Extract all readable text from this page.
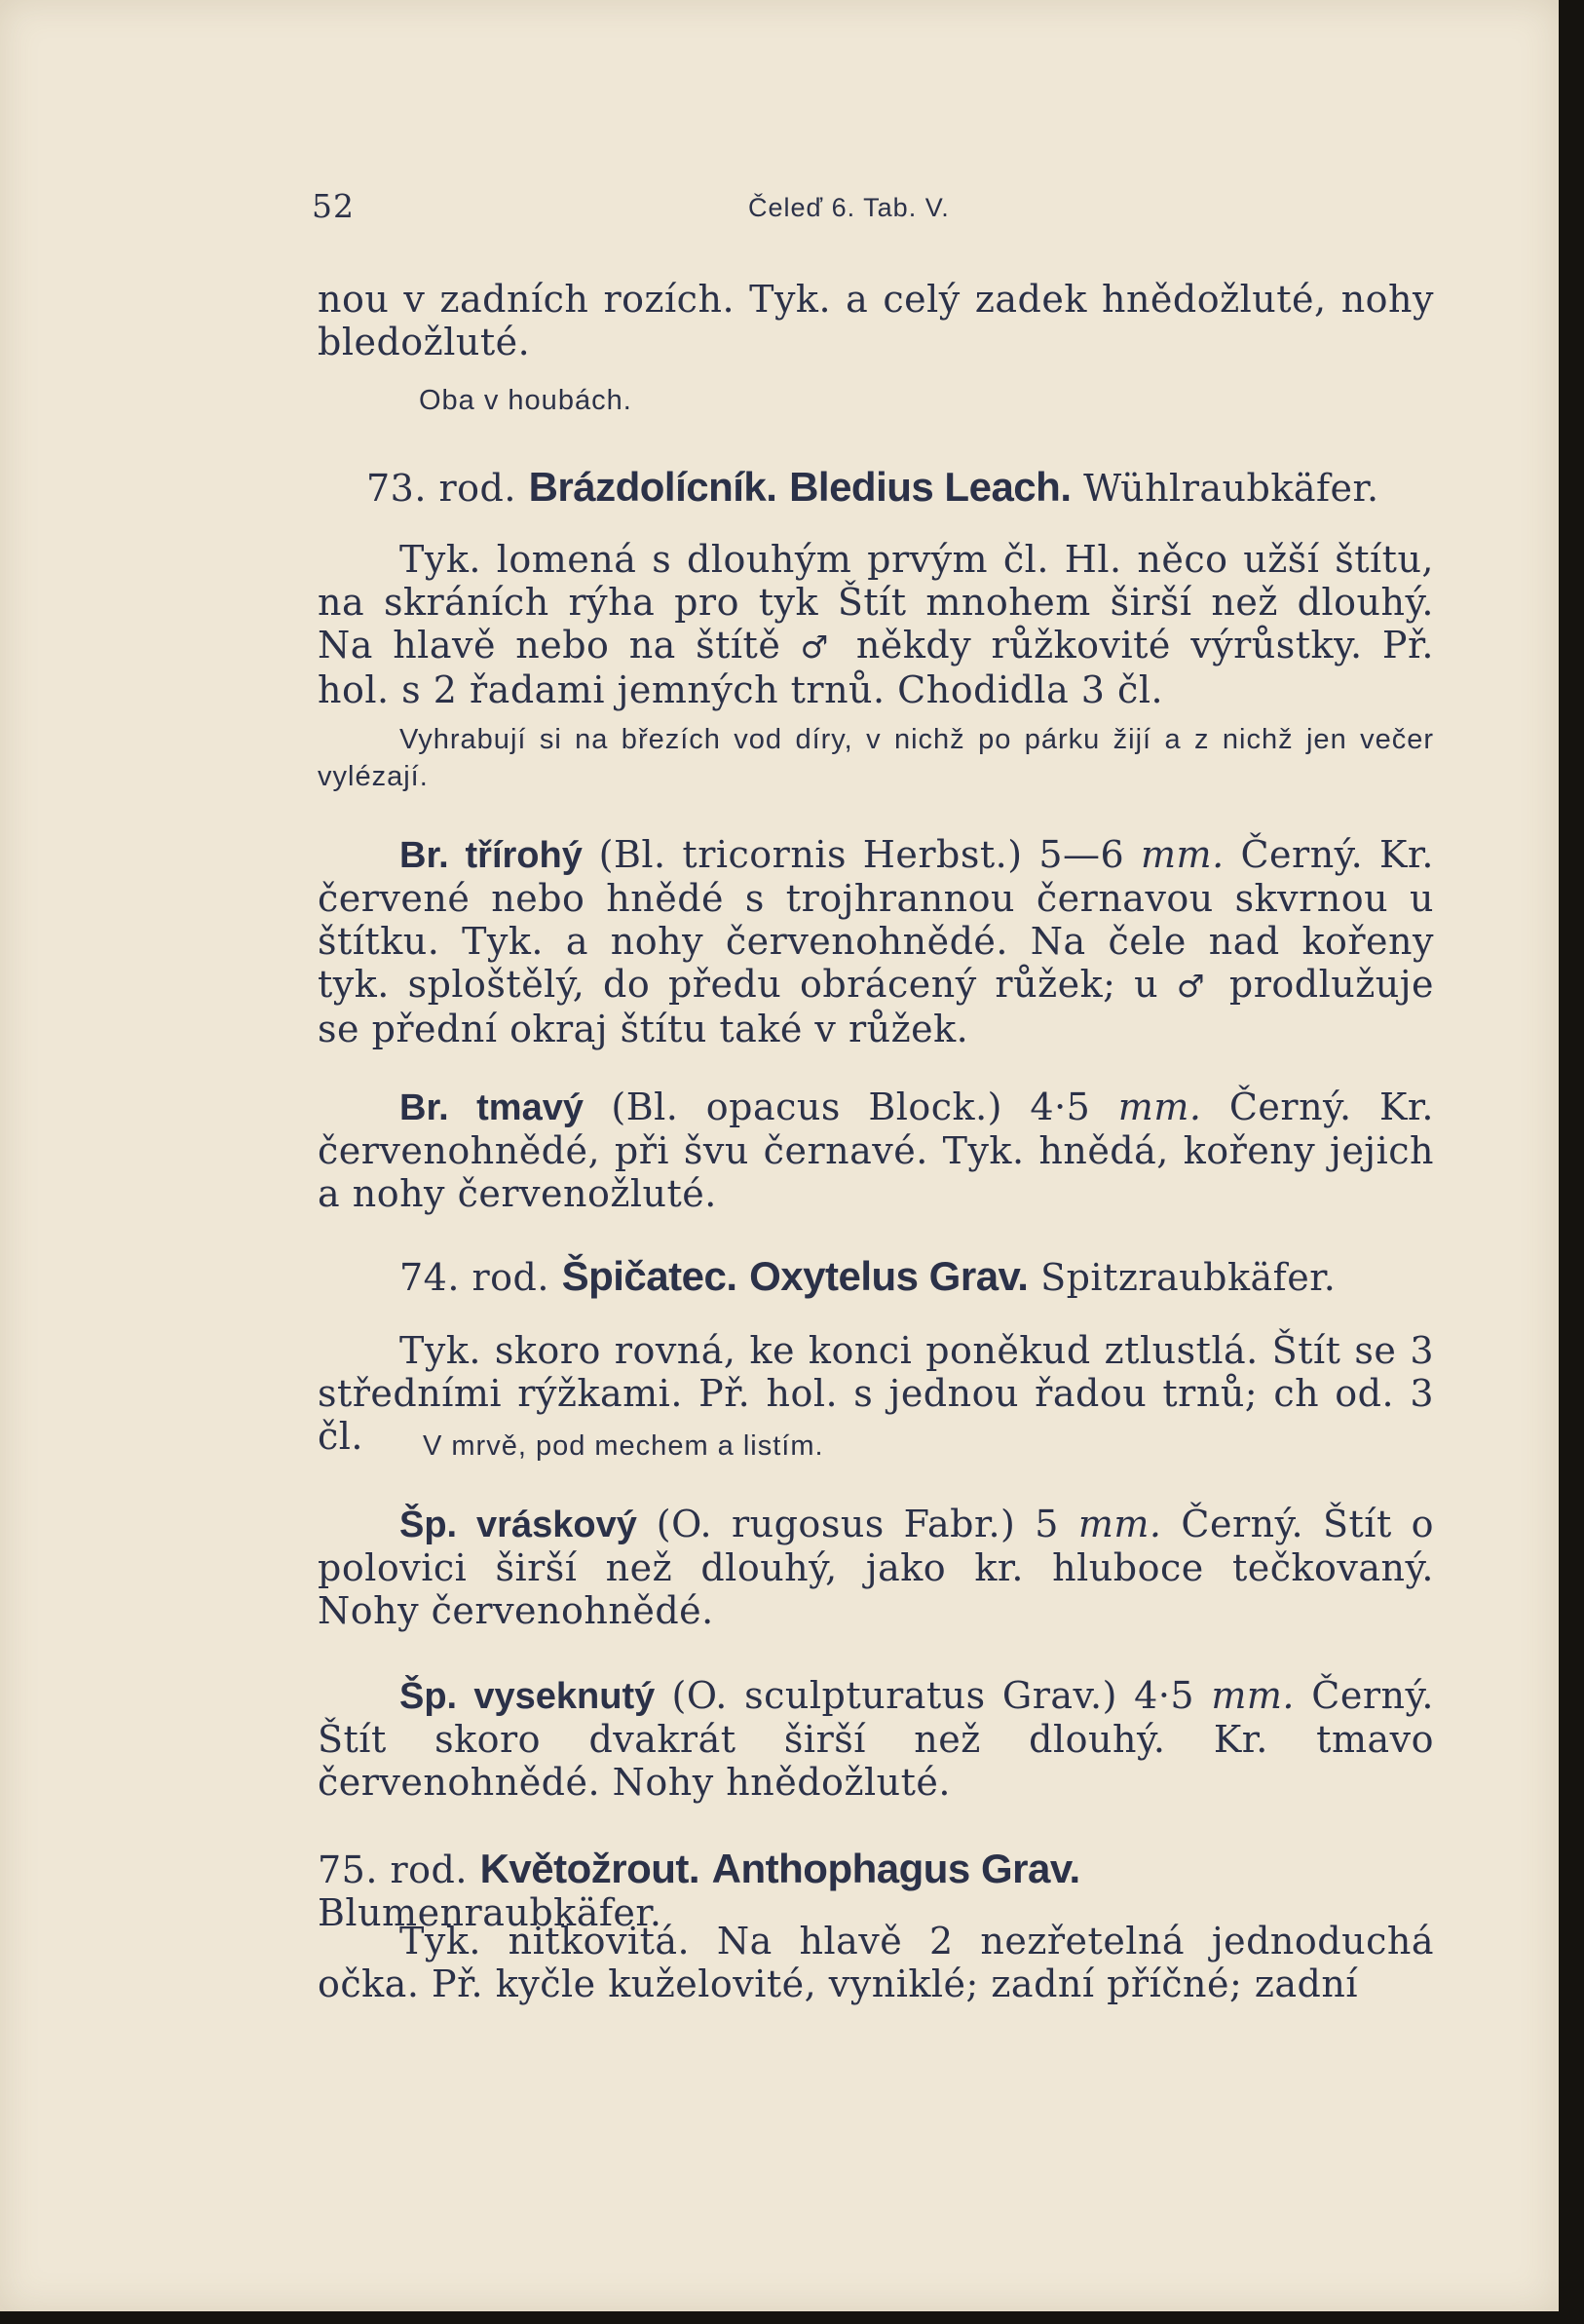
52	Čeleď 6. Tab. V.

nou v zadních rozích. Tyk. a celý zadek hnědožluté, nohy bledožluté.

Oba v houbách.

73. rod. Brázdolícník. Bledius Leach. Wühlraubkäfer.

Tyk. lomená s dlouhým prvým čl. Hl. něco užší štítu, na skráních rýha pro tyk Štít mnohem širší než dlouhý. Na hlavě nebo na štítě ♂ někdy růžkovité výrůstky. Př. hol. s 2 řadami jemných trnů. Chodidla 3 čl.

Vyhrabují si na březích vod díry, v nichž po párku žijí a z nichž jen večer vylézají.

Br. třírohý (Bl. tricornis Herbst.) 5—6 mm. Černý. Kr. červené nebo hnědé s trojhrannou černavou skvrnou u štítku. Tyk. a nohy červenohnědé. Na čele nad kořeny tyk. sploštělý, do předu obrácený růžek; u ♂ prodlužuje se přední okraj štítu také v růžek.

Br. tmavý (Bl. opacus Block.) 4·5 mm. Černý. Kr. červenohnědé, při švu černavé. Tyk. hnědá, kořeny jejich a nohy červenožluté.

74. rod. Špičatec. Oxytelus Grav. Spitzraubkäfer.

Tyk. skoro rovná, ke konci poněkud ztlustlá. Štít se 3 středními rýžkami. Př. hol. s jednou řadou trnů; ch od. 3 čl.	V mrvě, pod mechem a listím.

Šp. vráskový (O. rugosus Fabr.) 5 mm. Černý. Štít o polovici širší než dlouhý, jako kr. hluboce tečkovaný. Nohy červenohnědé.

Šp. vyseknutý (O. sculpturatus Grav.) 4·5 mm. Černý. Štít skoro dvakrát širší než dlouhý. Kr. tmavo červenohnědé. Nohy hnědožluté.

75. rod. Květožrout. Anthophagus Grav. Blumenraubkäfer.

Tyk. nitkovitá. Na hlavě 2 nezřetelná jednoduchá očka. Př. kyčle kuželovité, vyniklé; zadní příčné; zadní
